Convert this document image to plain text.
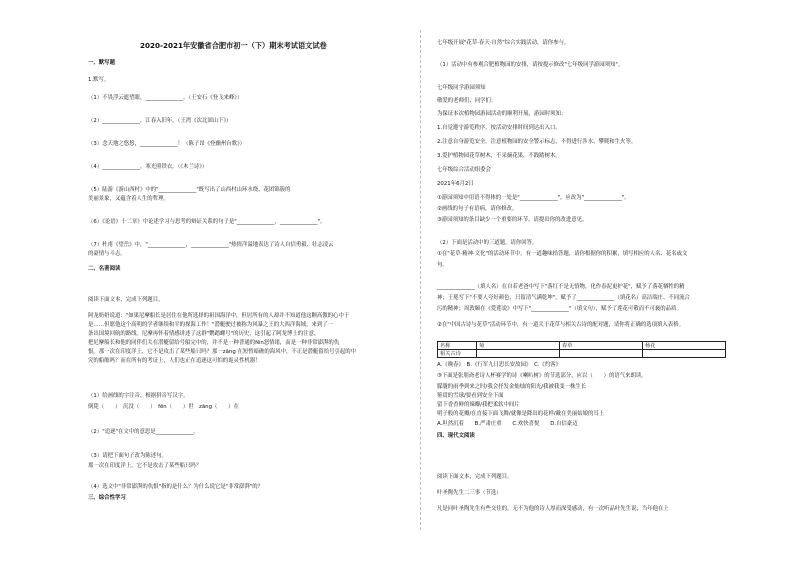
2020-2021年安徽省合肥市初一（下）期末考试语文试卷
一、默写题
1.默写。
（1）不畏浮云遮望眼，______________。（王安石《登飞来峰》）
（2）______________，江春入旧年。（王湾《次北固山下》）
（3）念天地之悠悠，______________！（陈子昂《登幽州台歌》）
（4）______________，寒光照铁衣。（《木兰诗》）
（5）陆游《游山西村》中的"______________"既写出了山西村山环水绕、花团锦簇的
美丽景象，又蕴含着人生的哲理。
（6）《论语》十二章》中论述学习与思考的辩证关系的句子是"______________，______________"。
（7）杜甫《望岳》中，"______________，______________"热情洋溢地表达了诗人自信勇毅、壮志凌云
的豪情与斗志。
二、名著阅读
阅读下面文本，完成下列题目。
阿龙奶奶说道："如果尼摩船长是居住在他所选择的祖国海洋中，但居所有的人却并不知道他这颗高傲的心中于
是……但愿他这个高明的学者继续和平的探海工作！"潜艇驶过被称为风暴之王的大西洋海域，来到了一
条出国境回航的路线。尼摩再怀着情感讲述了这群"鹦鹉螺号"的历史，这引起了阿龙博士的注意，
把尼摩船长和他的同伴们关在潜艇留给号船完中的，并不是一种普通的fēn怒情绪，而是一种非常澎湃的仇
恨。那一次在印度洋上，它不是攻击了某些船只吗？那一zāng 在短暂暗礁的海风中，不正是潜艇留给号引起的中
究的船舶吗？而在所有的考证上，人们也正在追逐这可怕的诡灵性机器！
（1）给画线的字注音，根据拼音写汉字。
倒毙（　　）　沉没（　　）　fēn（　　）世　zāng（　　）在
（2）"追逐"在文中的意思是______________。
（3）请把下面句子改为陈述句。
那一次在印度洋上，它不是攻击了某些船只吗？
（4）选文中"非常澎湃的仇恨"指的是什么？为什么说它是"非常澎湃"的？
三、综合性学习
七年级开展"花草·春天·自然"综合实践活动，请你参与。
（1）活动中有参观合肥植物园的安排，请按提示修改"七年级同学游园须知"。
七年级同学游园须知
敬爱的老师们、同学们：
为保证本次植物园游园活动的顺利开展，游园时须知：
1.自觉遵守游览秩序，按活动安排时间到达出入口。
2.注意自身游览安全。注意植物园的安全警示标志，不得进行涉水、攀爬和生火等。
3.爱护植物园花草树木，不采摘花果，不践踏树木。
七年级综合活动组委会
2021年6月2日
①游园须知中用语不得体的一处是"______________"，应改为"______________"。
②画线的句子有语病，请你修改。
③游园须知的条目缺少一个重要的环节，请提出你的改进意见。
（2）下面是活动中的三道题，请你回答。
①在"花草·精神·文化"的活动环节中，有一道趣味拾答题，请你根据你的积累，填写相应的人名、花名或文
句。
______________（填人名）在自若老爸中写下"落红不是无情物，化作春泥更护花"，赋予了落花牺牲的精
神；王冕写下"不要人夸好颜色，只留清气满乾坤"，赋予了______________（填花名）高洁端庄、不同流合
污的精神；周敦颐在《爱莲说》中写下"______________"（填文句），赋予了莲花可敬而不可亵的品质。
②在"中国古诗与花草"活动环节中，有一道关于花草与相关古诗的配对题，请你将正确的选项填入表格。
名称	菊	春草	杨花
相关古诗			
A.《晚春》　B.《行军九日思长安故园》　C.《约客》
③下面是张朋斋老诗人杯赛学的诗《喇叭树》的节选部分，应以（　　）的语气来朗读。
朦胧的雨季到来之时/我会抒发金灿灿的阳光/我被我变一株生长
鉴赏的雪球/要看到安全下面
留下香香鲜的辣瓣/我把柔软中间片
明子般的花瓣/在直接下面飞舞/就像是降出的花样/戴在美丽姑娘的耳上
A.坦然沉着　　B.严肃庄重　　C.欢快喜悦　　D.自信豪迈
四、现代文阅读
阅读下面文本，完成下列题目。
叶圣陶先生二三事（节选）
凡是同叶圣陶先生有些交往的，无不为他的诗人厚而深受感动，有一次听品叶先生说，当年他在上
